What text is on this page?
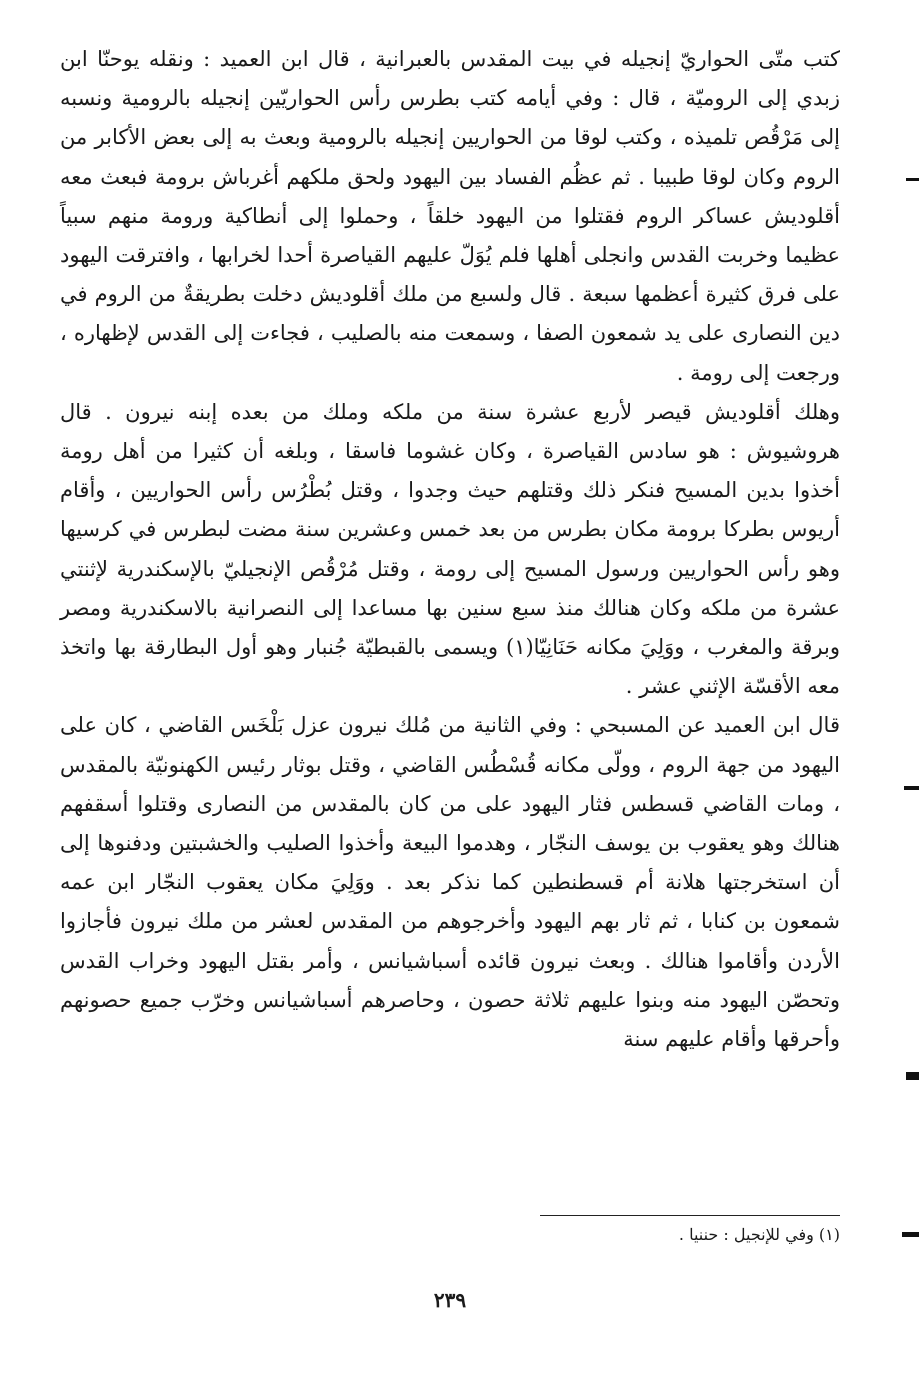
كتب متّى الحواريّ إنجيله في بيت المقدس بالعبرانية ، قال ابن العميد : ونقله يوحنّا ابن زبدي إلى الروميّة ، قال : وفي أيامه كتب بطرس رأس الحواريّين إنجيله بالرومية ونسبه إلى مَرْقُص تلميذه ، وكتب لوقا من الحواريين إنجيله بالرومية وبعث به إلى بعض الأكابر من الروم وكان لوقا طبيبا . ثم عظُم الفساد بين اليهود ولحق ملكهم أغرباش برومة فبعث معه أقلوديش عساكر الروم فقتلوا من اليهود خلقاً ، وحملوا إلى أنطاكية ورومة منهم سبياً عظيما وخربت القدس وانجلى أهلها فلم يُوَلّ عليهم القياصرة أحدا لخرابها ، وافترقت اليهود على فرق كثيرة أعظمها سبعة . قال ولسبع من ملك أقلوديش دخلت بطريقةٌ من الروم في دين النصارى على يد شمعون الصفا ، وسمعت منه بالصليب ، فجاءت إلى القدس لإظهاره ، ورجعت إلى رومة .

وهلك أقلوديش قيصر لأربع عشرة سنة من ملكه وملك من بعده إبنه نيرون . قال هروشيوش : هو سادس القياصرة ، وكان غشوما فاسقا ، وبلغه أن كثيرا من أهل رومة أخذوا بدين المسيح فنكر ذلك وقتلهم حيث وجدوا ، وقتل بُطْرُس رأس الحواريين ، وأقام أريوس بطركا برومة مكان بطرس من بعد خمس وعشرين سنة مضت لبطرس في كرسيها وهو رأس الحواريين ورسول المسيح إلى رومة ، وقتل مُرْقُص الإنجيليّ بالإسكندرية لإثنتي عشرة من ملكه وكان هنالك منذ سبع سنين بها مساعدا إلى النصرانية بالاسكندرية ومصر وبرقة والمغرب ، ووَلِيَ مكانه حَنَانِيّا(١) ويسمى بالقبطيّة جُنبار وهو أول البطارقة بها واتخذ معه الأقسّة الإثني عشر .

قال ابن العميد عن المسبحي : وفي الثانية من مُلك نيرون عزل بَلْخَس القاضي ، كان على اليهود من جهة الروم ، وولّى مكانه قُسْطُس القاضي ، وقتل بوثار رئيس الكهنونيّة بالمقدس ، ومات القاضي قسطس فثار اليهود على من كان بالمقدس من النصارى وقتلوا أسقفهم هنالك وهو يعقوب بن يوسف النجّار ، وهدموا البيعة وأخذوا الصليب والخشبتين ودفنوها إلى أن استخرجتها هلانة أم قسطنطين كما نذكر بعد . ووَلِيَ مكان يعقوب النجّار ابن عمه شمعون بن كنابا ، ثم ثار بهم اليهود وأخرجوهم من المقدس لعشر من ملك نيرون فأجازوا الأردن وأقاموا هنالك . وبعث نيرون قائده أسباشيانس ، وأمر بقتل اليهود وخراب القدس وتحصّن اليهود منه وبنوا عليهم ثلاثة حصون ، وحاصرهم أسباشيانس وخرّب جميع حصونهم وأحرقها وأقام عليهم سنة

(١) وفي للإنجيل : حننيا .
٢٣٩
